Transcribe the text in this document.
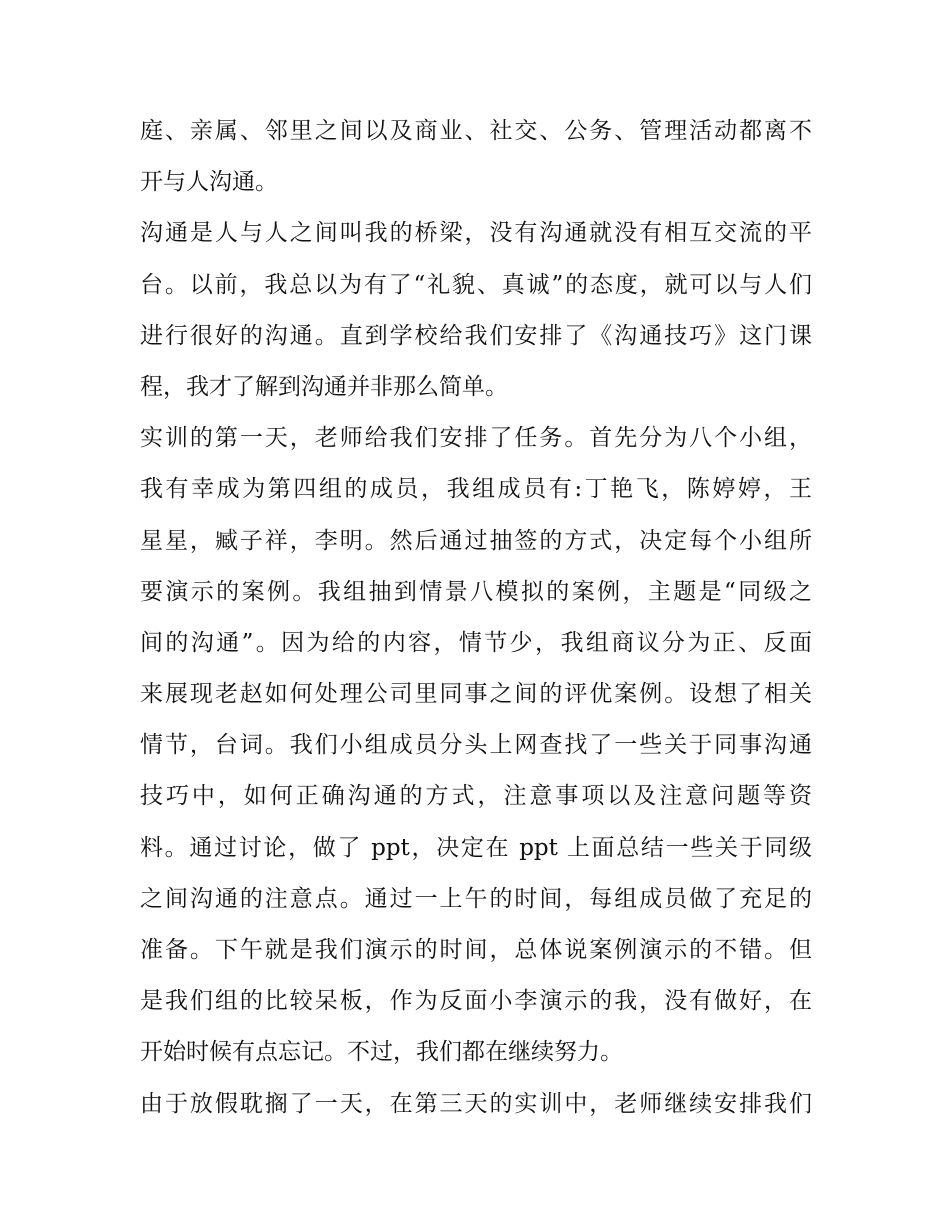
庭、亲属、邻里之间以及商业、社交、公务、管理活动都离不
开与人沟通。
沟通是人与人之间叫我的桥梁，没有沟通就没有相互交流的平
台。以前，我总以为有了“礼貌、真诚”的态度，就可以与人们
进行很好的沟通。直到学校给我们安排了《沟通技巧》这门课
程，我才了解到沟通并非那么简单。
实训的第一天，老师给我们安排了任务。首先分为八个小组，
我有幸成为第四组的成员，我组成员有:丁艳飞，陈婷婷，王
星星，臧子祥，李明。然后通过抽签的方式，决定每个小组所
要演示的案例。我组抽到情景八模拟的案例，主题是“同级之
间的沟通”。因为给的内容，情节少，我组商议分为正、反面
来展现老赵如何处理公司里同事之间的评优案例。设想了相关
情节，台词。我们小组成员分头上网查找了一些关于同事沟通
技巧中，如何正确沟通的方式，注意事项以及注意问题等资
料。通过讨论，做了 ppt，决定在 ppt 上面总结一些关于同级
之间沟通的注意点。通过一上午的时间，每组成员做了充足的
准备。下午就是我们演示的时间，总体说案例演示的不错。但
是我们组的比较呆板，作为反面小李演示的我，没有做好，在
开始时候有点忘记。不过，我们都在继续努力。
由于放假耽搁了一天，在第三天的实训中，老师继续安排我们
